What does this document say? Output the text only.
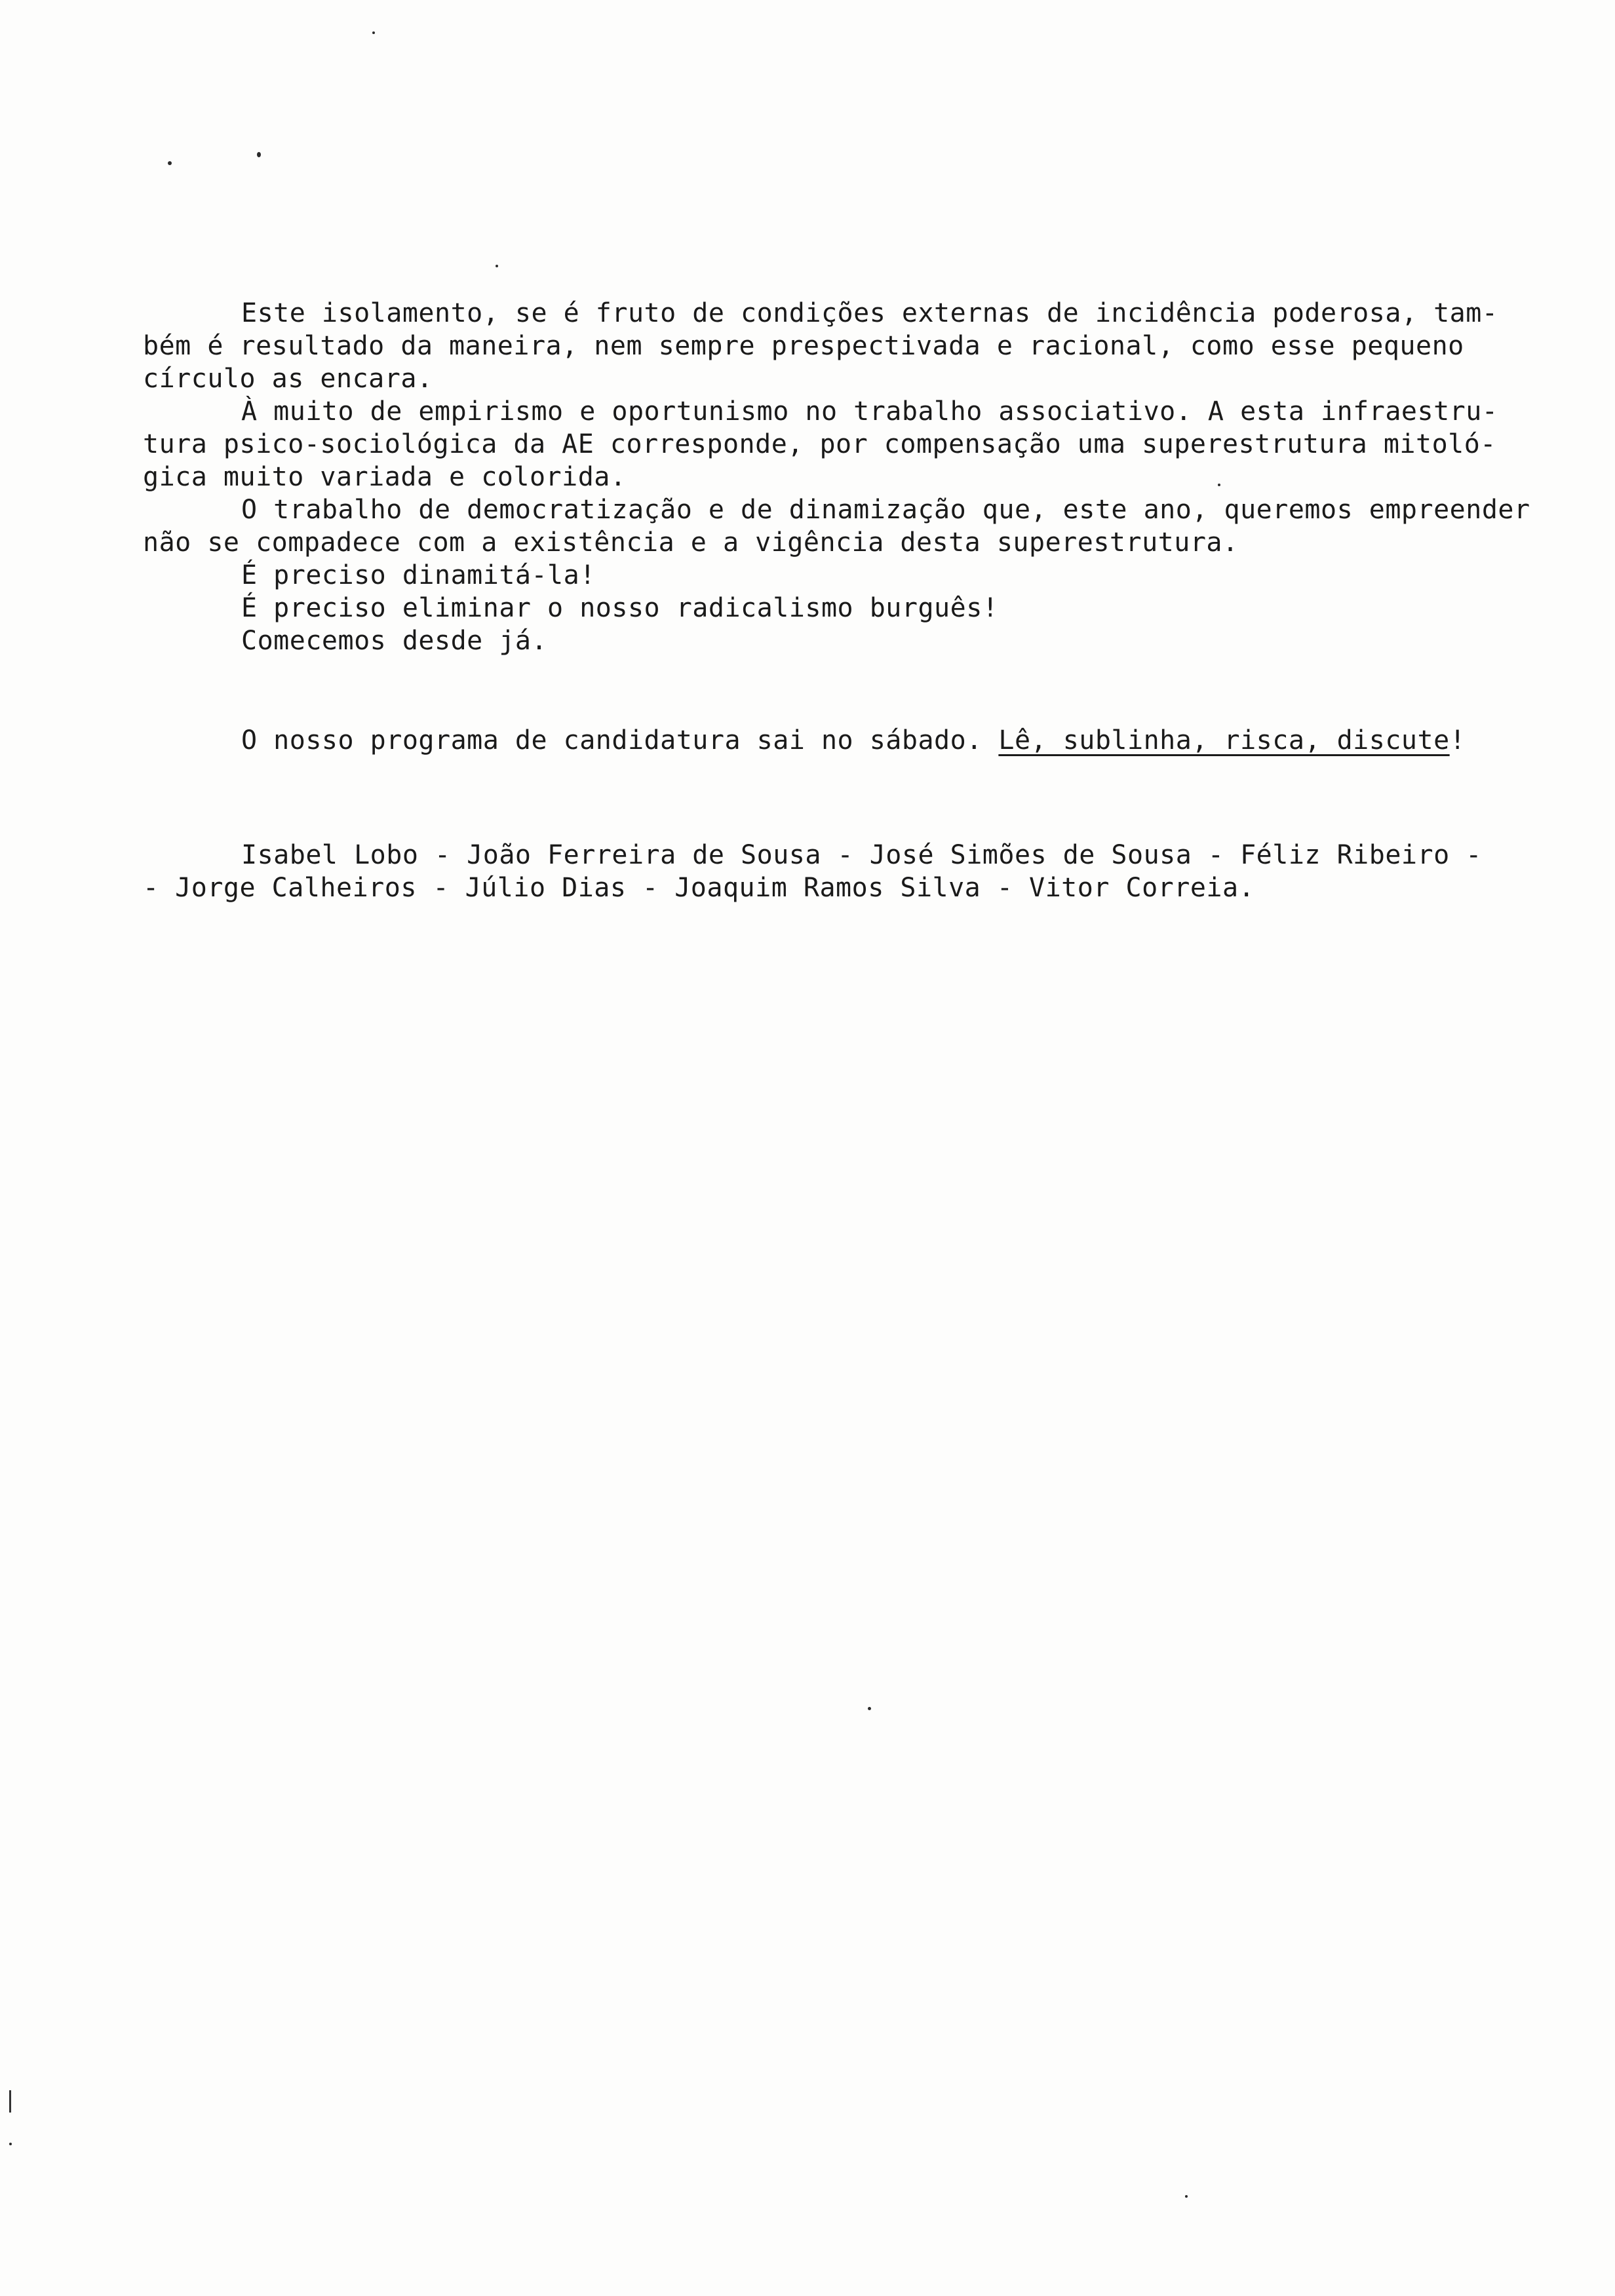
Este isolamento, se é fruto de condições externas de incidência poderosa, tam-
bém é resultado da maneira, nem sempre prespectivada e racional, como esse pequeno
círculo as encara.
À muito de empirismo e oportunismo no trabalho associativo. A esta infraestru-
tura psico-sociológica da AE corresponde, por compensação uma superestrutura mitoló-
gica muito variada e colorida.
O trabalho de democratização e de dinamização que, este ano, queremos empreender
não se compadece com a existência e a vigência desta superestrutura.
É preciso dinamitá-la!
É preciso eliminar o nosso radicalismo burguês!
Comecemos desde já.
O nosso programa de candidatura sai no sábado. Lê, sublinha, risca, discute!
Isabel Lobo - João Ferreira de Sousa - José Simões de Sousa - Féliz Ribeiro -
- Jorge Calheiros - Júlio Dias - Joaquim Ramos Silva - Vitor Correia.
